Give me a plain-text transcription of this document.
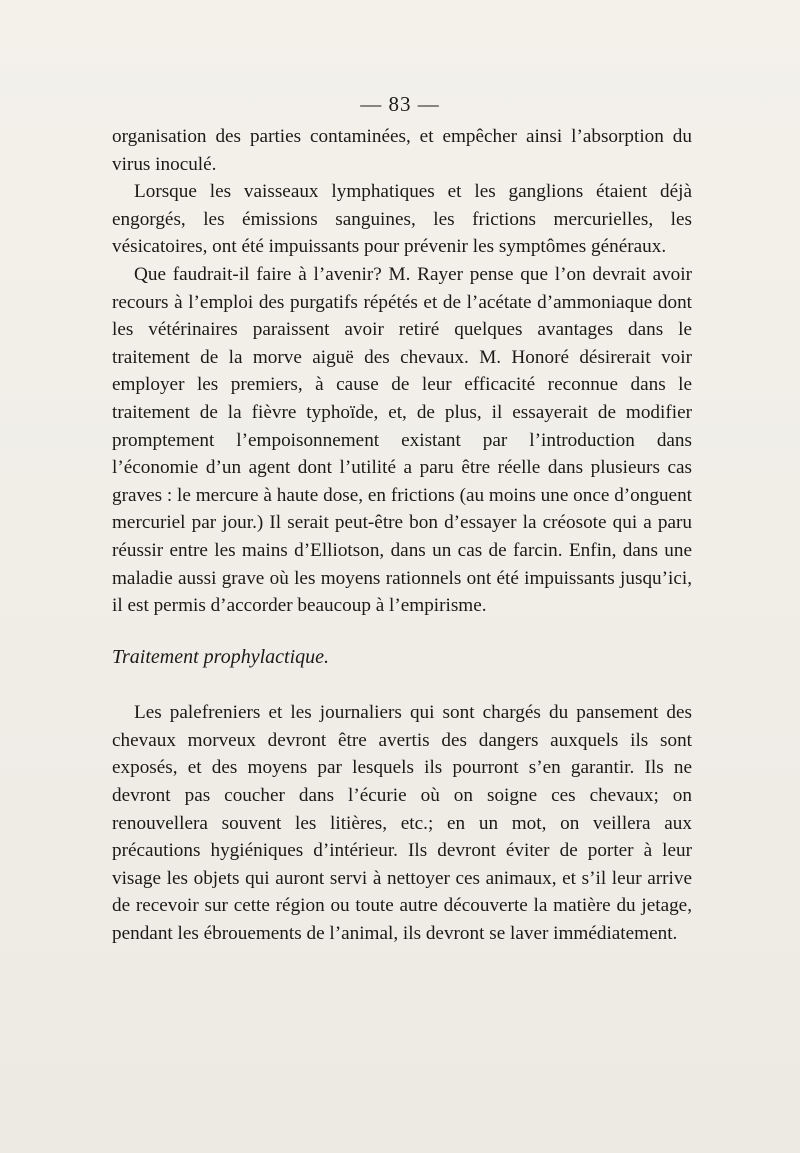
— 83 —

organisation des parties contaminées, et empêcher ainsi l’absorption du virus inoculé.

Lorsque les vaisseaux lymphatiques et les ganglions étaient déjà engorgés, les émissions sanguines, les frictions mercurielles, les vésicatoires, ont été impuissants pour prévenir les symptômes généraux.

Que faudrait-il faire à l’avenir? M. Rayer pense que l’on devrait avoir recours à l’emploi des purgatifs répétés et de l’acétate d’ammoniaque dont les vétérinaires paraissent avoir retiré quelques avantages dans le traitement de la morve aiguë des chevaux. M. Honoré désirerait voir employer les premiers, à cause de leur efficacité reconnue dans le traitement de la fièvre typhoïde, et, de plus, il essayerait de modifier promptement l’empoisonnement existant par l’introduction dans l’économie d’un agent dont l’utilité a paru être réelle dans plusieurs cas graves : le mercure à haute dose, en frictions (au moins une once d’onguent mercuriel par jour.) Il serait peut-être bon d’essayer la créosote qui a paru réussir entre les mains d’Elliotson, dans un cas de farcin. Enfin, dans une maladie aussi grave où les moyens rationnels ont été impuissants jusqu’ici, il est permis d’accorder beaucoup à l’empirisme.

Traitement prophylactique.

Les palefreniers et les journaliers qui sont chargés du pansement des chevaux morveux devront être avertis des dangers auxquels ils sont exposés, et des moyens par lesquels ils pourront s’en garantir. Ils ne devront pas coucher dans l’écurie où on soigne ces chevaux; on renouvellera souvent les litières, etc.; en un mot, on veillera aux précautions hygiéniques d’intérieur. Ils devront éviter de porter à leur visage les objets qui auront servi à nettoyer ces animaux, et s’il leur arrive de recevoir sur cette région ou toute autre découverte la matière du jetage, pendant les ébrouements de l’animal, ils devront se laver immédiatement.
